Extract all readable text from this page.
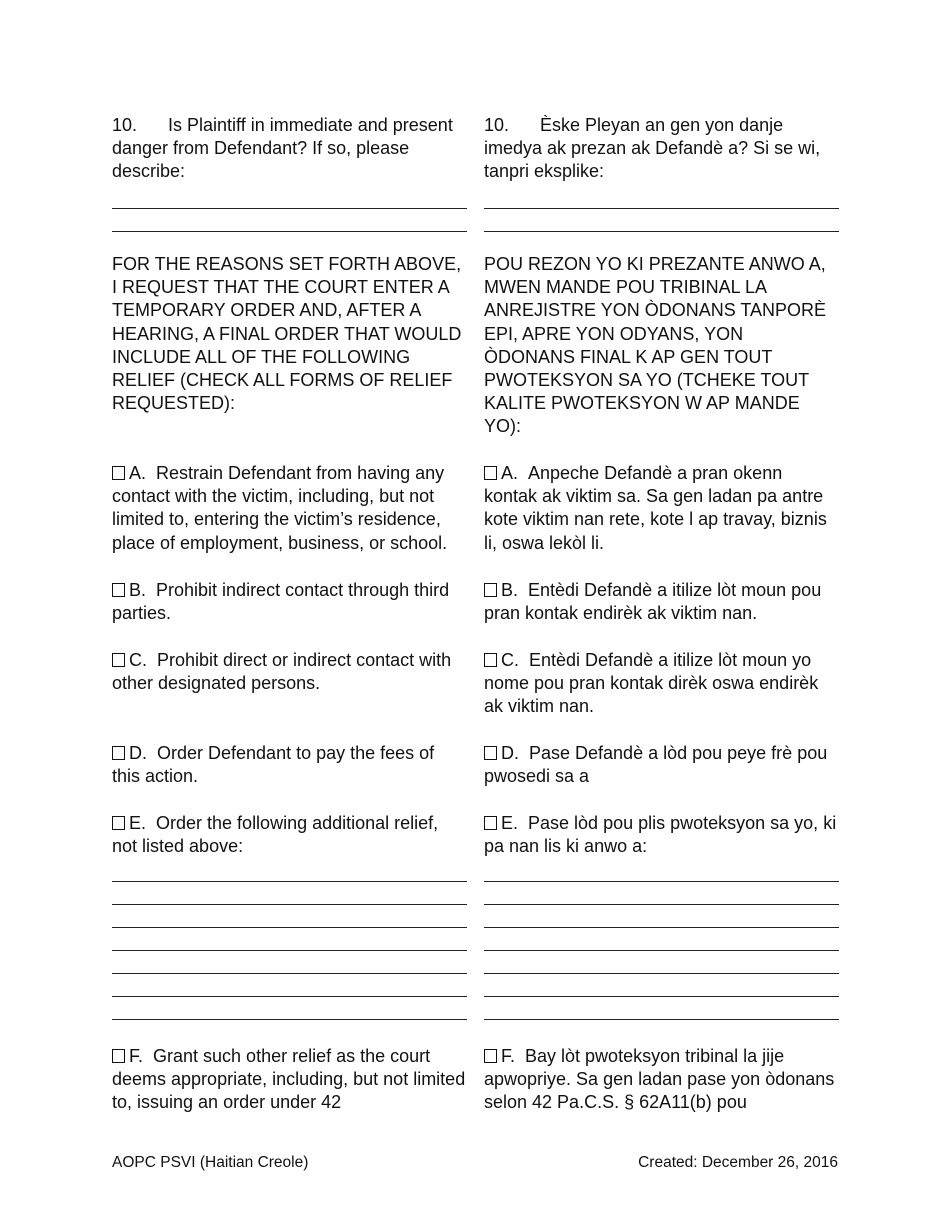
10. Is Plaintiff in immediate and present danger from Defendant? If so, please describe:
FOR THE REASONS SET FORTH ABOVE, I REQUEST THAT THE COURT ENTER A TEMPORARY ORDER AND, AFTER A HEARING, A FINAL ORDER THAT WOULD INCLUDE ALL OF THE FOLLOWING RELIEF (CHECK ALL FORMS OF RELIEF REQUESTED):
A. Restrain Defendant from having any contact with the victim, including, but not limited to, entering the victim’s residence, place of employment, business, or school.
B. Prohibit indirect contact through third parties.
C. Prohibit direct or indirect contact with other designated persons.
D. Order Defendant to pay the fees of this action.
E. Order the following additional relief, not listed above:
F. Grant such other relief as the court deems appropriate, including, but not limited to, issuing an order under 42
10. Èske Pleyan an gen yon danje imedya ak prezan ak Defandè a? Si se wi, tanpri eksplike:
POU REZON YO KI PREZANTE ANWO A, MWEN MANDE POU TRIBINAL LA ANREJISTRE YON ÒDONANS TANPORÈ EPI, APRE YON ODYANS, YON ÒDONANS FINAL K AP GEN TOUT PWOTEKSYON SA YO (TCHEKE TOUT KALITE PWOTEKSYON W AP MANDE YO):
A. Anpeche Defandè a pran okenn kontak ak viktim sa. Sa gen ladan pa antre kote viktim nan rete, kote l ap travay, biznis li, oswa lekòl li.
B. Entèdi Defandè a itilize lòt moun pou pran kontak endirèk ak viktim nan.
C. Entèdi Defandè a itilize lòt moun yo nome pou pran kontak dirèk oswa endirèk ak viktim nan.
D. Pase Defandè a lòd pou peye frè pou pwosedi sa a
E. Pase lòd pou plis pwoteksyon sa yo, ki pa nan lis ki anwo a:
F. Bay lòt pwoteksyon tribinal la jije apwopriye. Sa gen ladan pase yon òdonans selon 42 Pa.C.S. § 62A11(b) pou
AOPC PSVI (Haitian Creole)	Created: December 26, 2016
